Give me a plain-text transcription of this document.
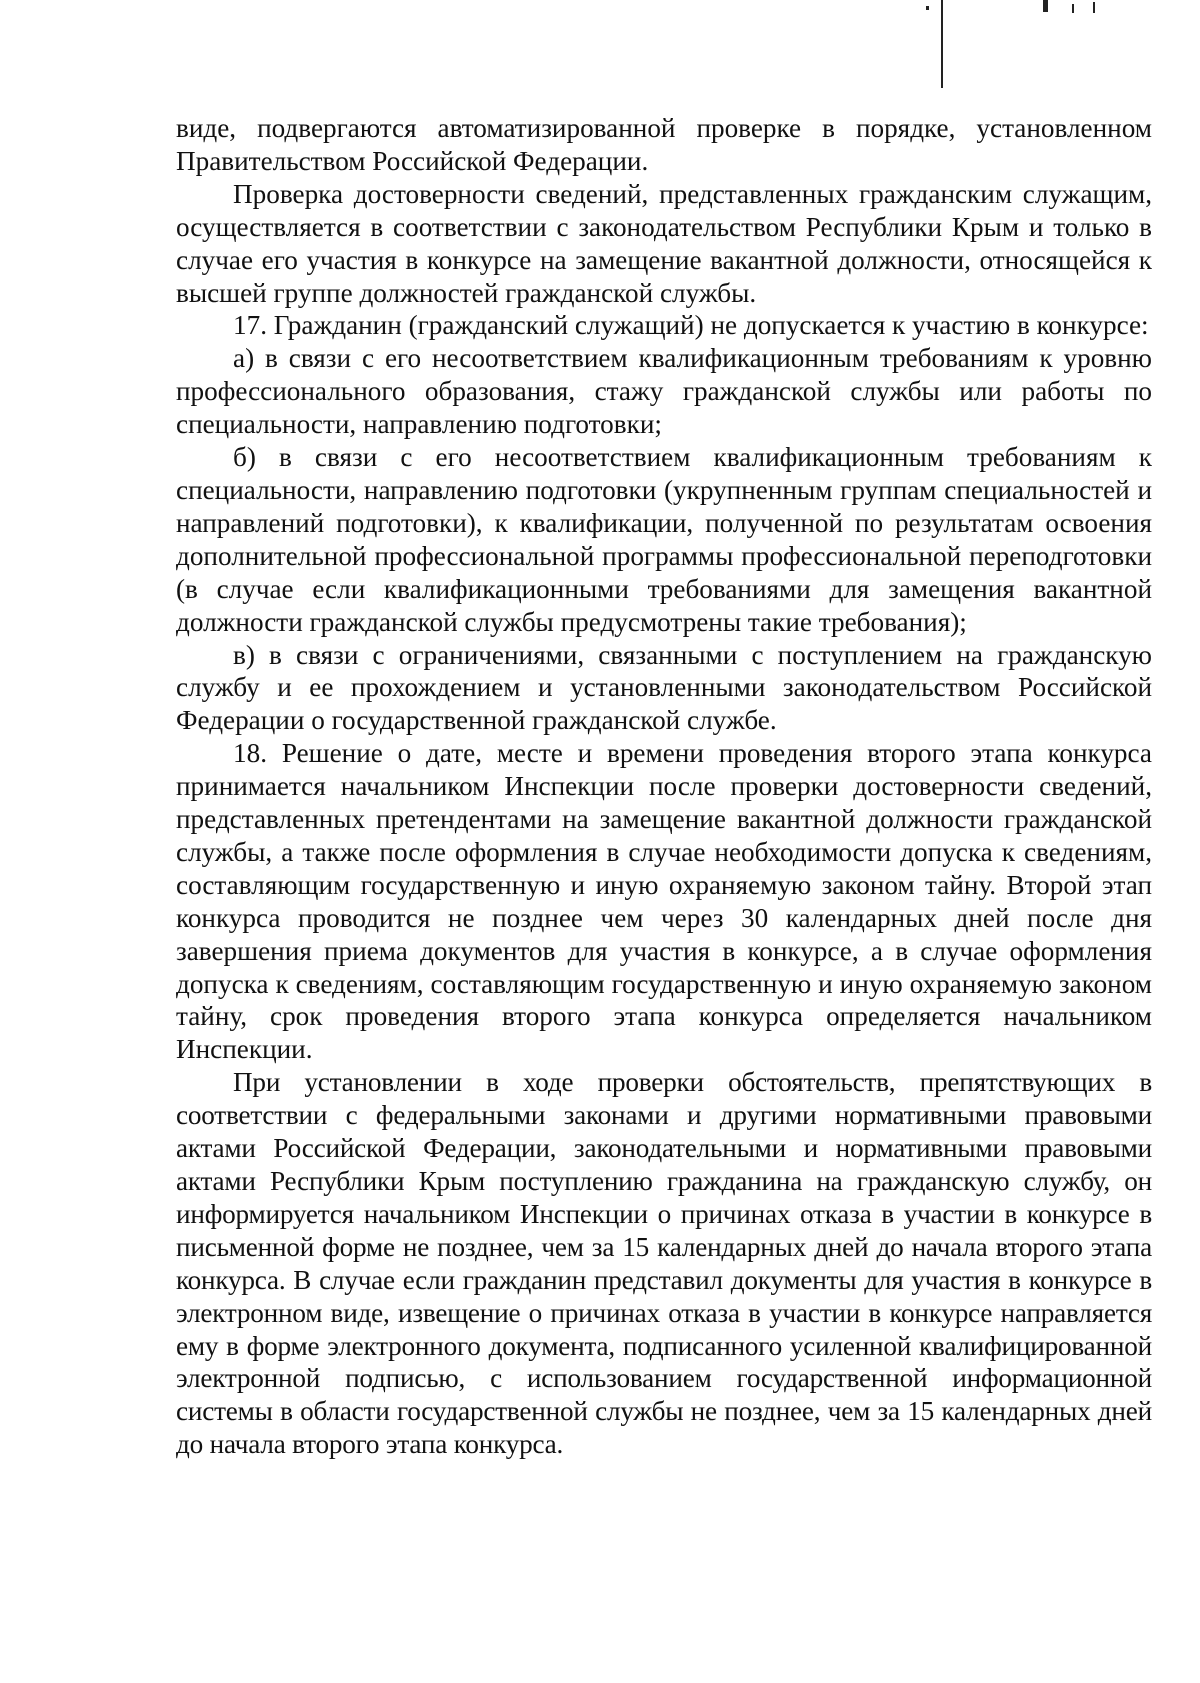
виде, подвергаются автоматизированной проверке в порядке, установленном Правительством Российской Федерации.

Проверка достоверности сведений, представленных гражданским служащим, осуществляется в соответствии с законодательством Республики Крым и только в случае его участия в конкурсе на замещение вакантной должности, относящейся к высшей группе должностей гражданской службы.

17. Гражданин (гражданский служащий) не допускается к участию в конкурсе:

а) в связи с его несоответствием квалификационным требованиям к уровню профессионального образования, стажу гражданской службы или работы по специальности, направлению подготовки;

б) в связи с его несоответствием квалификационным требованиям к специальности, направлению подготовки (укрупненным группам специальностей и направлений подготовки), к квалификации, полученной по результатам освоения дополнительной профессиональной программы профессиональной переподготовки (в случае если квалификационными требованиями для замещения вакантной должности гражданской службы предусмотрены такие требования);

в) в связи с ограничениями, связанными с поступлением на гражданскую службу и ее прохождением и установленными законодательством Российской Федерации о государственной гражданской службе.

18. Решение о дате, месте и времени проведения второго этапа конкурса принимается начальником Инспекции после проверки достоверности сведений, представленных претендентами на замещение вакантной должности гражданской службы, а также после оформления в случае необходимости допуска к сведениям, составляющим государственную и иную охраняемую законом тайну. Второй этап конкурса проводится не позднее чем через 30 календарных дней после дня завершения приема документов для участия в конкурсе, а в случае оформления допуска к сведениям, составляющим государственную и иную охраняемую законом тайну, срок проведения второго этапа конкурса определяется начальником Инспекции.

При установлении в ходе проверки обстоятельств, препятствующих в соответствии с федеральными законами и другими нормативными правовыми актами Российской Федерации, законодательными и нормативными правовыми актами Республики Крым поступлению гражданина на гражданскую службу, он информируется начальником Инспекции о причинах отказа в участии в конкурсе в письменной форме не позднее, чем за 15 календарных дней до начала второго этапа конкурса. В случае если гражданин представил документы для участия в конкурсе в электронном виде, извещение о причинах отказа в участии в конкурсе направляется ему в форме электронного документа, подписанного усиленной квалифицированной электронной подписью, с использованием государственной информационной системы в области государственной службы не позднее, чем за 15 календарных дней до начала второго этапа конкурса.
